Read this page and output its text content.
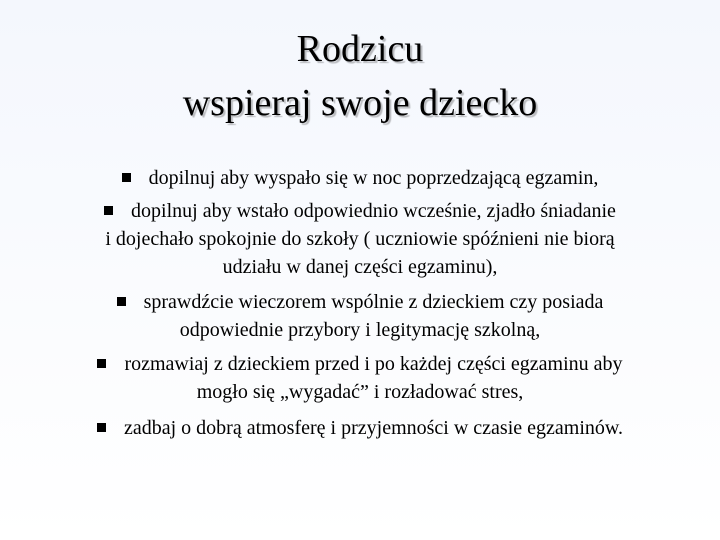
Rodzicu
wspieraj swoje dziecko
dopilnuj aby wyspało się w noc poprzedzającą egzamin,
dopilnuj aby wstało odpowiednio wcześnie, zjadło śniadanie
i dojechało spokojnie do szkoły ( uczniowie spóźnieni nie biorą
udziału w danej części egzaminu),
sprawdźcie wieczorem wspólnie z dzieckiem czy posiada
odpowiednie przybory i legitymację szkolną,
rozmawiaj z dzieckiem przed i po każdej części egzaminu aby
mogło się „wygadać” i rozładować stres,
zadbaj o dobrą atmosferę i przyjemności w czasie egzaminów.
